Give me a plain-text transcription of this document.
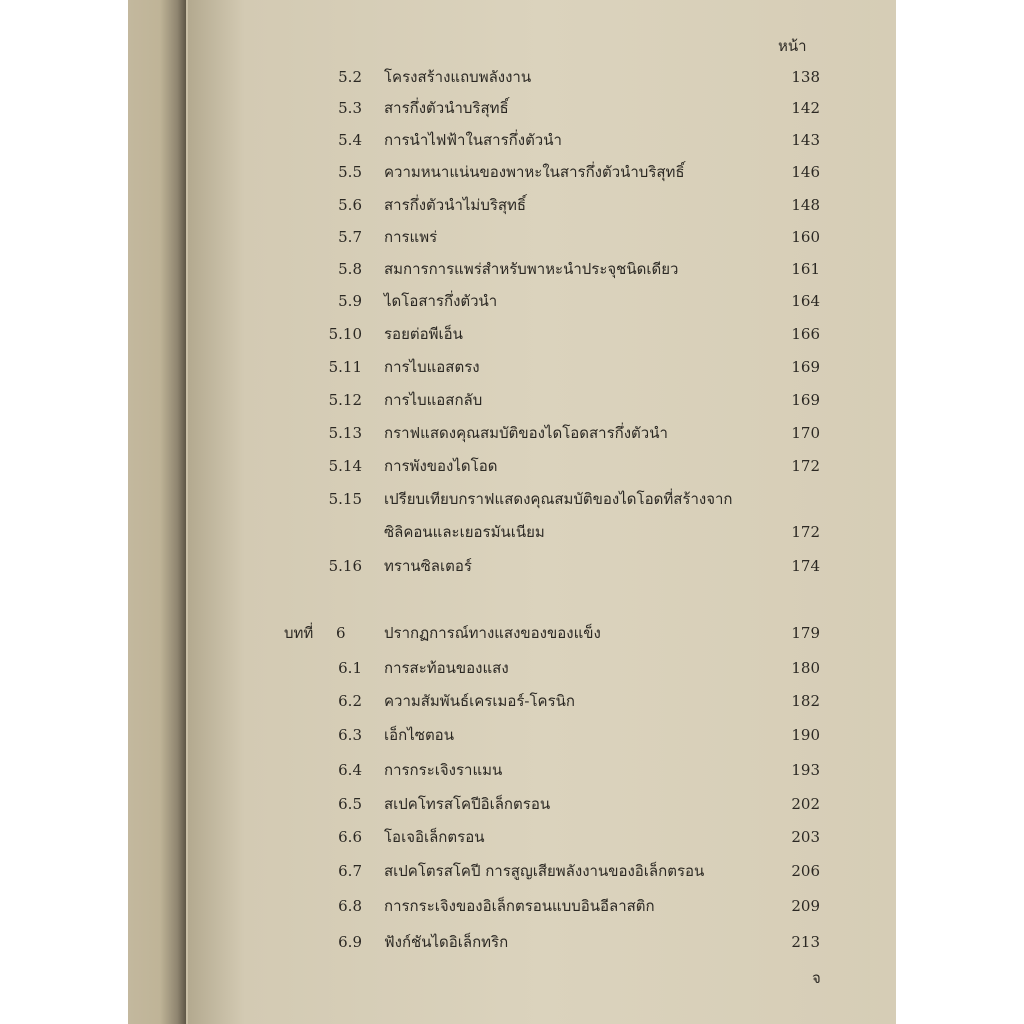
หน้า
5.2 โครงสร้างแถบพลังงาน	138
5.3 สารกึ่งตัวนำบริสุทธิ์	142
5.4 การนำไฟฟ้าในสารกึ่งตัวนำ	143
5.5 ความหนาแน่นของพาหะในสารกึ่งตัวนำบริสุทธิ์	146
5.6 สารกึ่งตัวนำไม่บริสุทธิ์	148
5.7 การแพร่	160
5.8 สมการการแพร่สำหรับพาหะนำประจุชนิดเดียว	161
5.9 ไดโอสารกึ่งตัวนำ	164
5.10 รอยต่อพีเอ็น	166
5.11 การไบแอสตรง	169
5.12 การไบแอสกลับ	169
5.13 กราฟแสดงคุณสมบัติของไดโอดสารกึ่งตัวนำ	170
5.14 การพังของไดโอด	172
5.15 เปรียบเทียบกราฟแสดงคุณสมบัติของไดโอดที่สร้างจาก
ซิลิคอนและเยอรมันเนียม	172
5.16 ทรานซิลเตอร์	174
บทที่ 6	ปรากฏการณ์ทางแสงของของแข็ง	179
6.1 การสะท้อนของแสง	180
6.2 ความสัมพันธ์เครเมอร์-โครนิก	182
6.3 เอ็กไซตอน	190
6.4 การกระเจิงราแมน	193
6.5 สเปคโทรสโคปีอิเล็กตรอน	202
6.6 โอเจอิเล็กตรอน	203
6.7 สเปคโตรสโคปี การสูญเสียพลังงานของอิเล็กตรอน	206
6.8 การกระเจิงของอิเล็กตรอนแบบอินอีลาสติก	209
6.9 ฟังก์ชันไดอิเล็กทริก	213
จ
